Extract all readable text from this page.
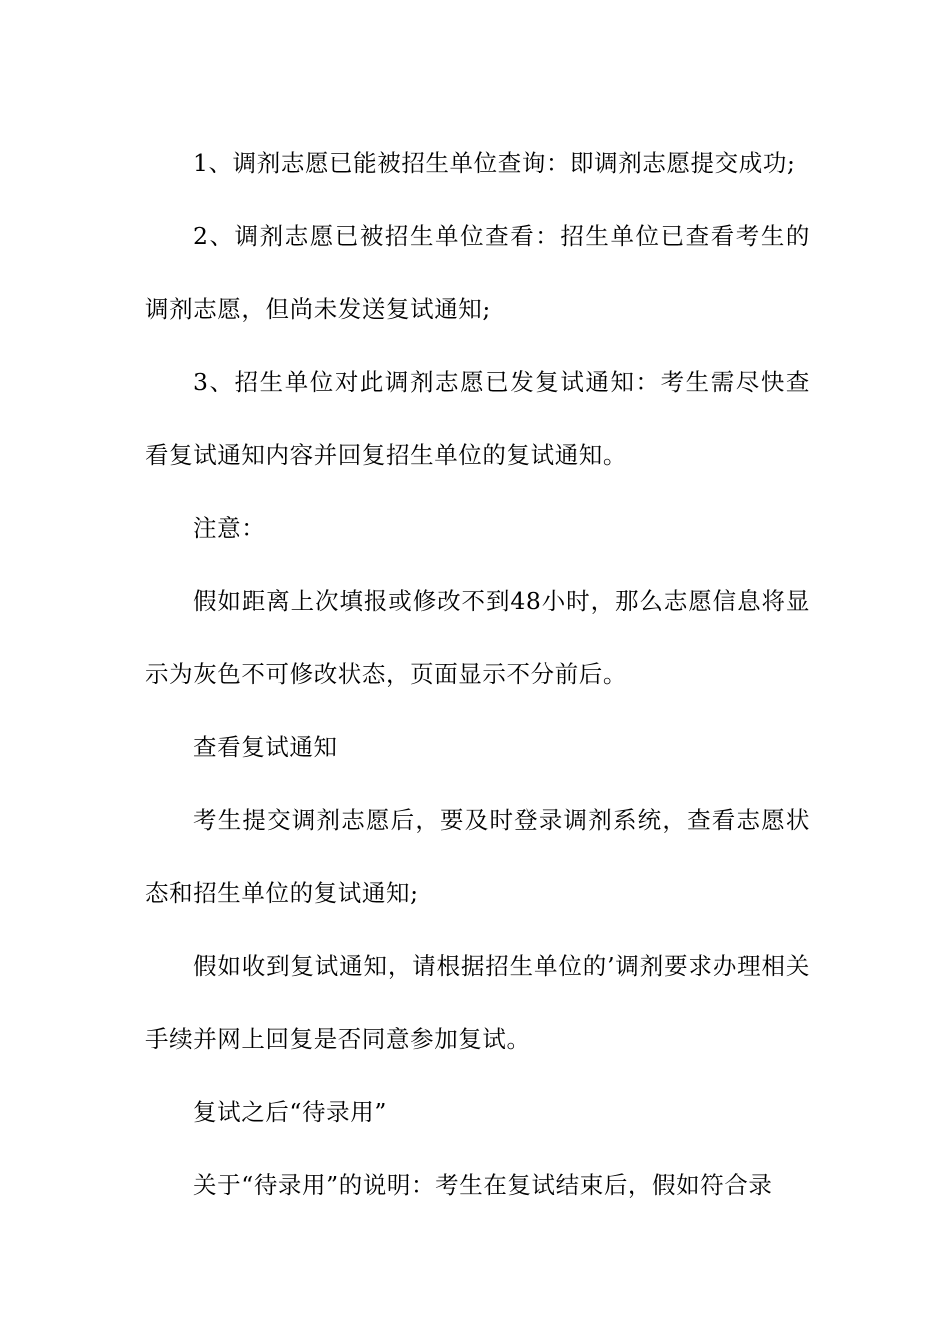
1、调剂志愿已能被招生单位查询：即调剂志愿提交成功;

2、调剂志愿已被招生单位查看：招生单位已查看考生的调剂志愿，但尚未发送复试通知;

3、招生单位对此调剂志愿已发复试通知：考生需尽快查看复试通知内容并回复招生单位的复试通知。

注意：

假如距离上次填报或修改不到48小时，那么志愿信息将显示为灰色不可修改状态，页面显示不分前后。

查看复试通知

考生提交调剂志愿后，要及时登录调剂系统，查看志愿状态和招生单位的复试通知;

假如收到复试通知，请根据招生单位的’调剂要求办理相关手续并网上回复是否同意参加复试。

复试之后“待录用”

关于“待录用”的说明：考生在复试结束后，假如符合录
